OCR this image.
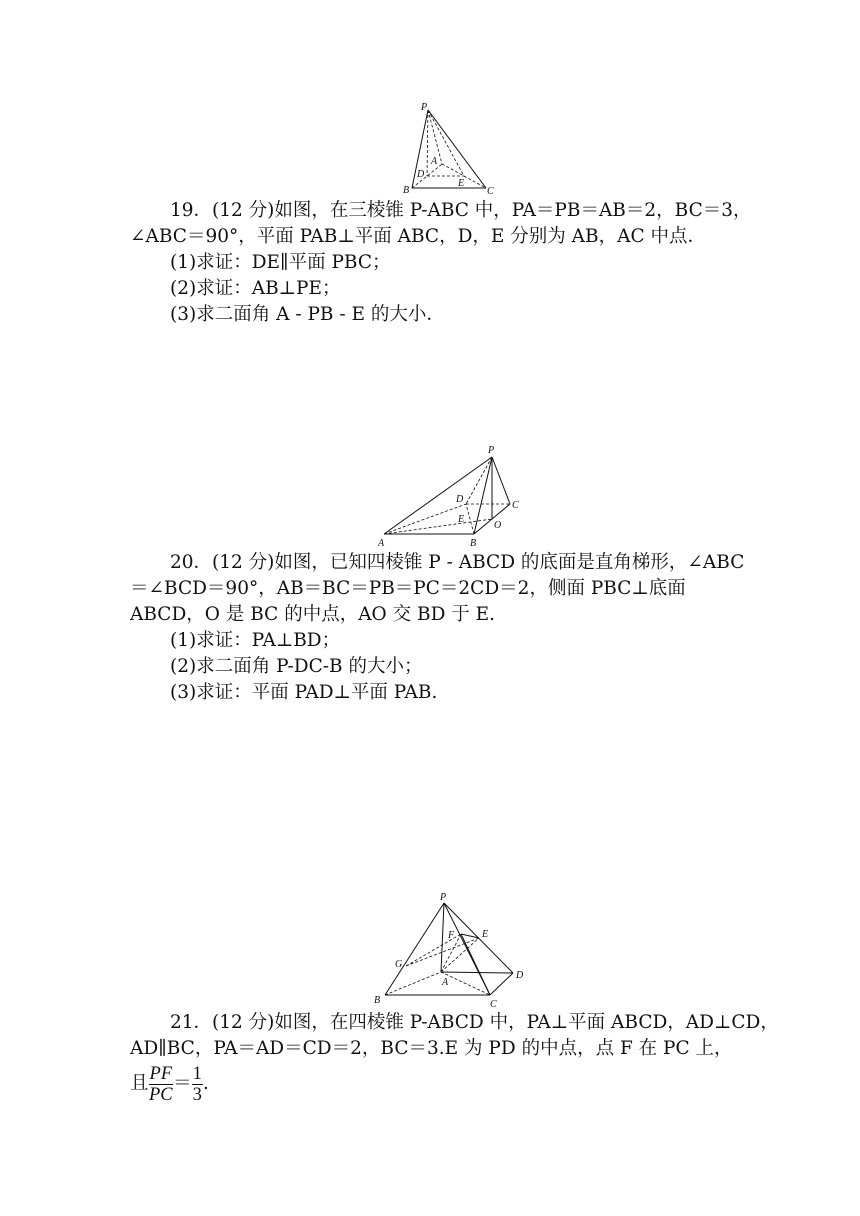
P
A
D
E
B	C
19．(12 分)如图，在三棱锥 P-ABC 中，PA＝PB＝AB＝2，BC＝3，
∠ABC＝90°，平面 PAB⊥平面 ABC，D，E 分别为 AB，AC 中点．
(1)求证：DE∥平面 PBC；
(2)求证：AB⊥PE；
(3)求二面角 A - PB - E 的大小．
P
D
C
E
O
A	B
20．(12 分)如图，已知四棱锥 P - ABCD 的底面是直角梯形，∠ABC
＝∠BCD＝90°，AB＝BC＝PB＝PC＝2CD＝2，侧面 PBC⊥底面
ABCD，O 是 BC 的中点，AO 交 BD 于 E.
(1)求证：PA⊥BD；
(2)求二面角 P-DC-B 的大小；
(3)求证：平面 PAD⊥平面 PAB.
P
F	E
G
D
A
B	C
21．(12 分)如图，在四棱锥 P-ABCD 中，PA⊥平面 ABCD，AD⊥CD，
AD∥BC，PA＝AD＝CD＝2，BC＝3.E 为 PD 的中点，点 F 在 PC 上，
且 $\frac{PF}{PC} = \frac{1}{3}$ .
